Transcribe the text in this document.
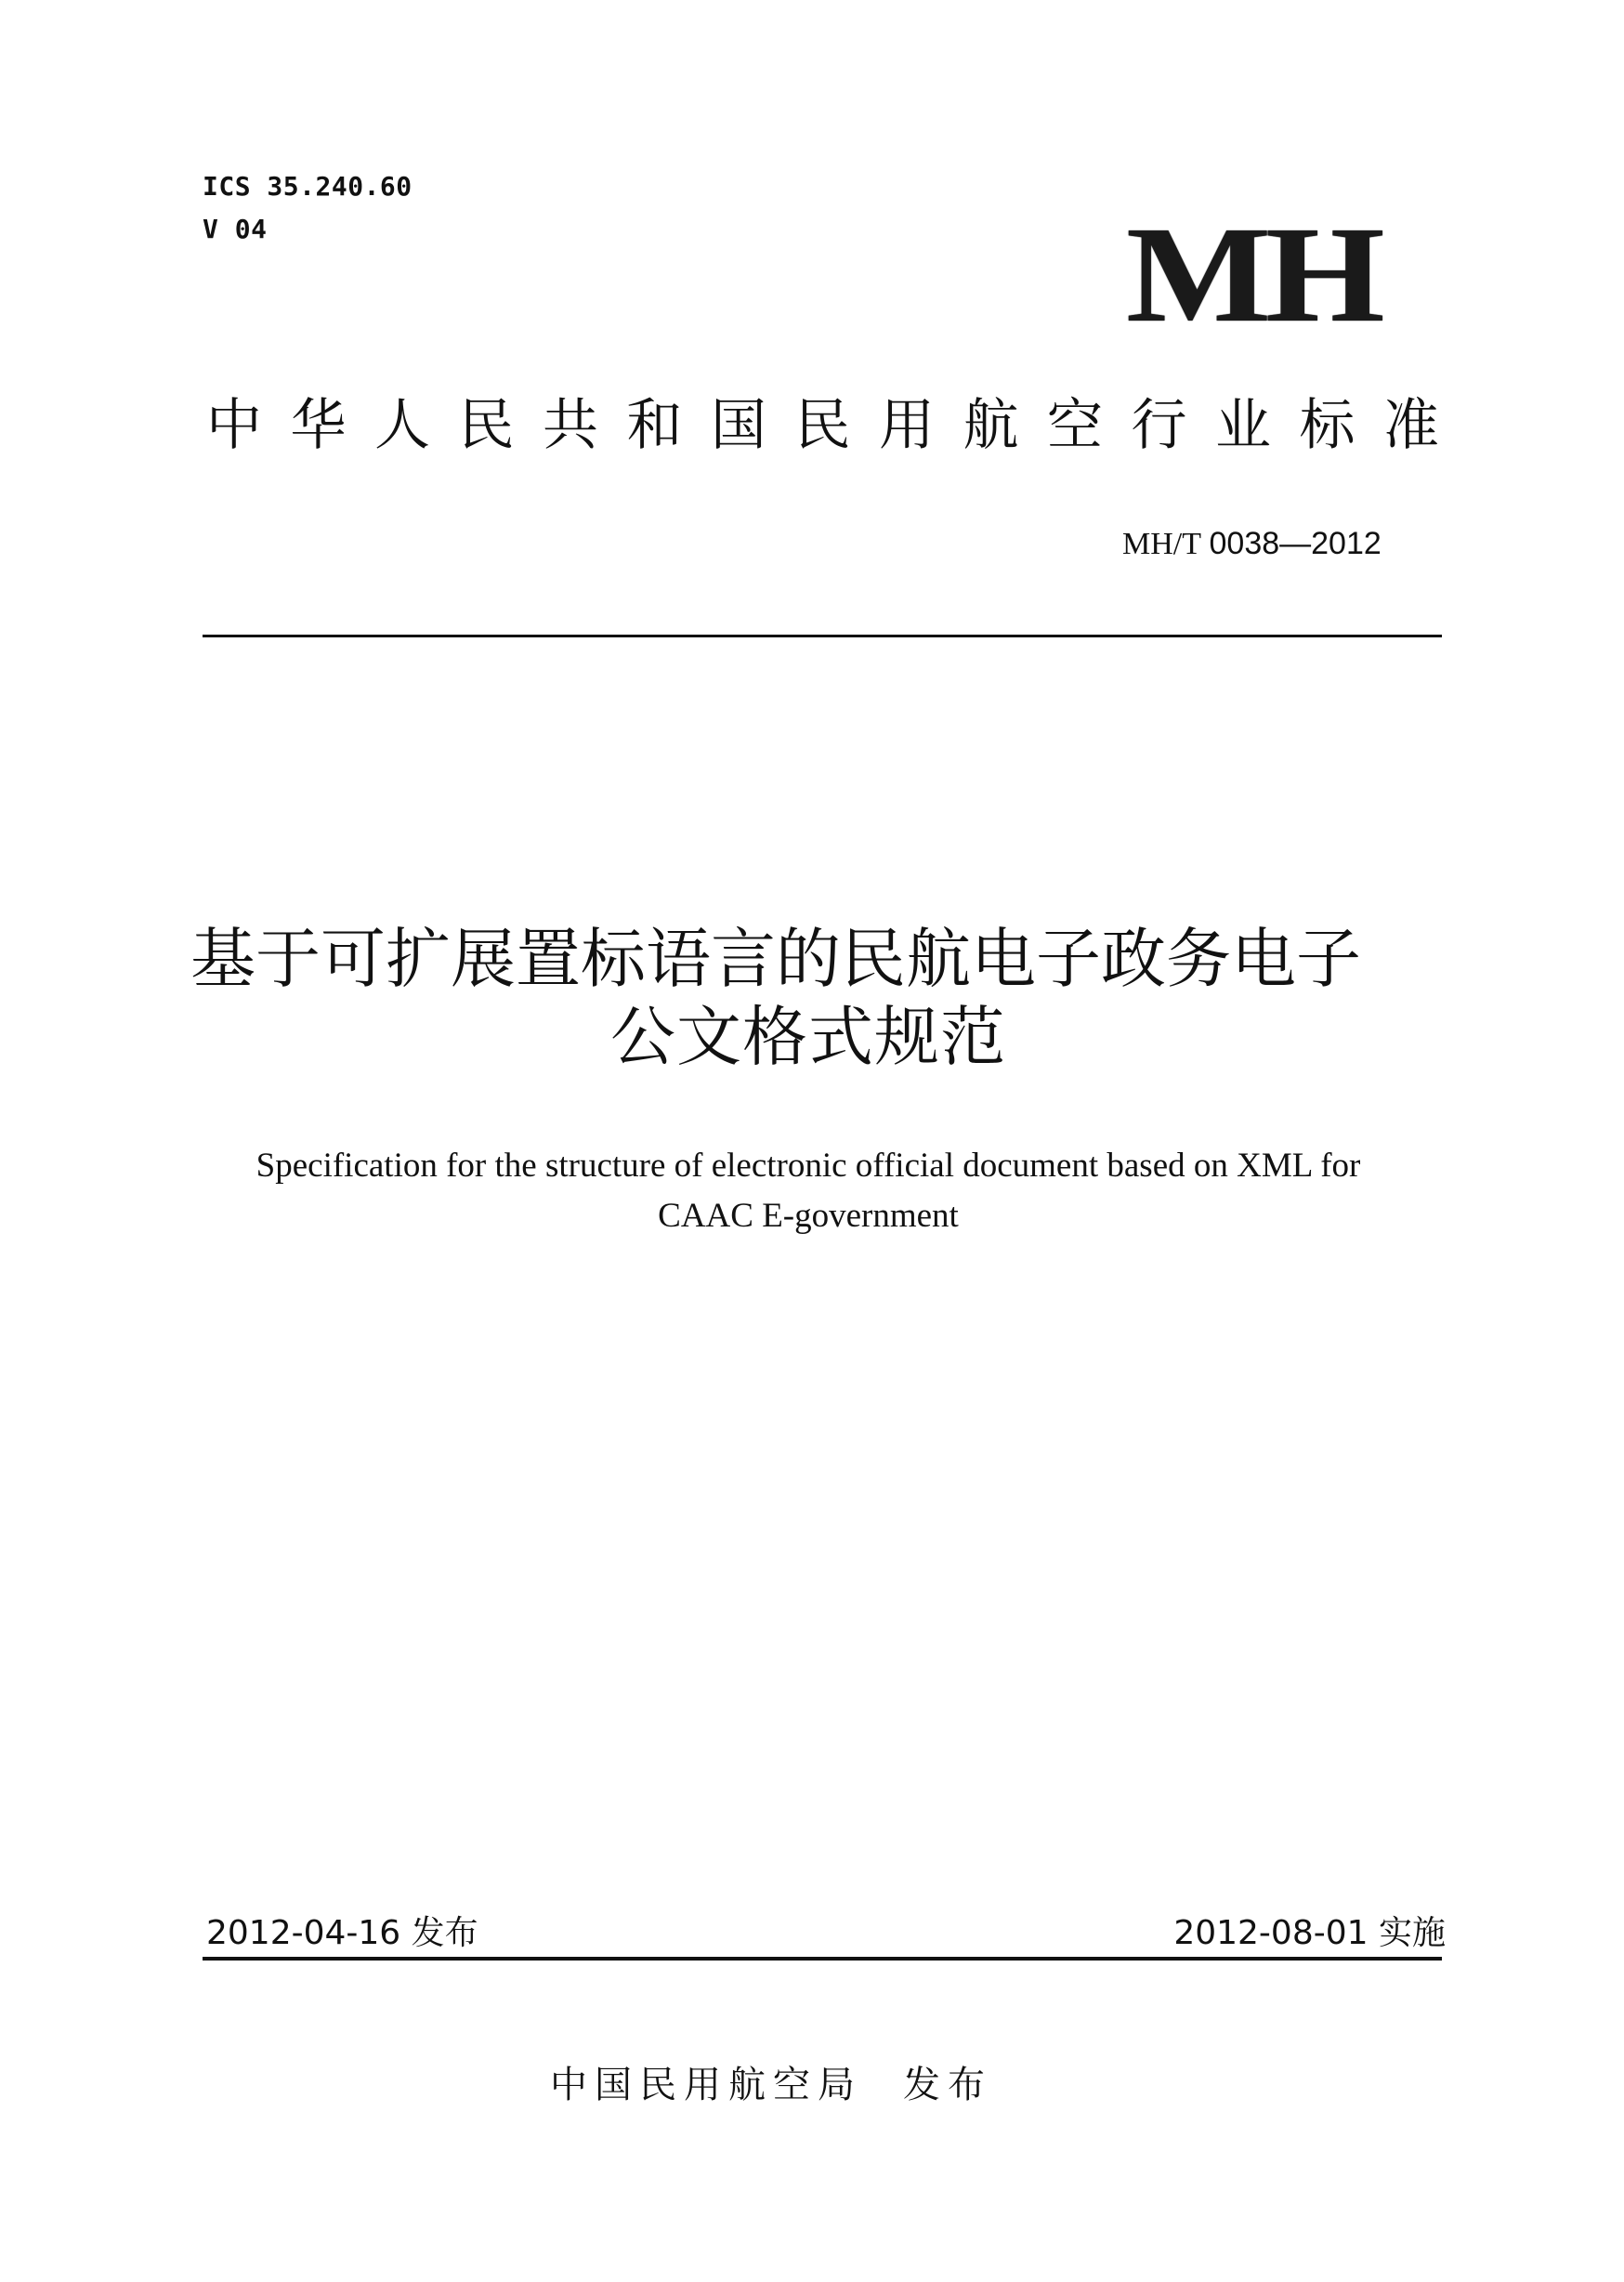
ICS 35.240.60
V 04	MH
中华人民共和国民用航空行业标准
MH/T 0038—2012
基于可扩展置标语言的民航电子政务电子
公文格式规范
Specification for the structure of electronic official document based on XML for
CAAC E-government
2012-04-16 发布	2012-08-01 实施
中国民用航空局 发布
